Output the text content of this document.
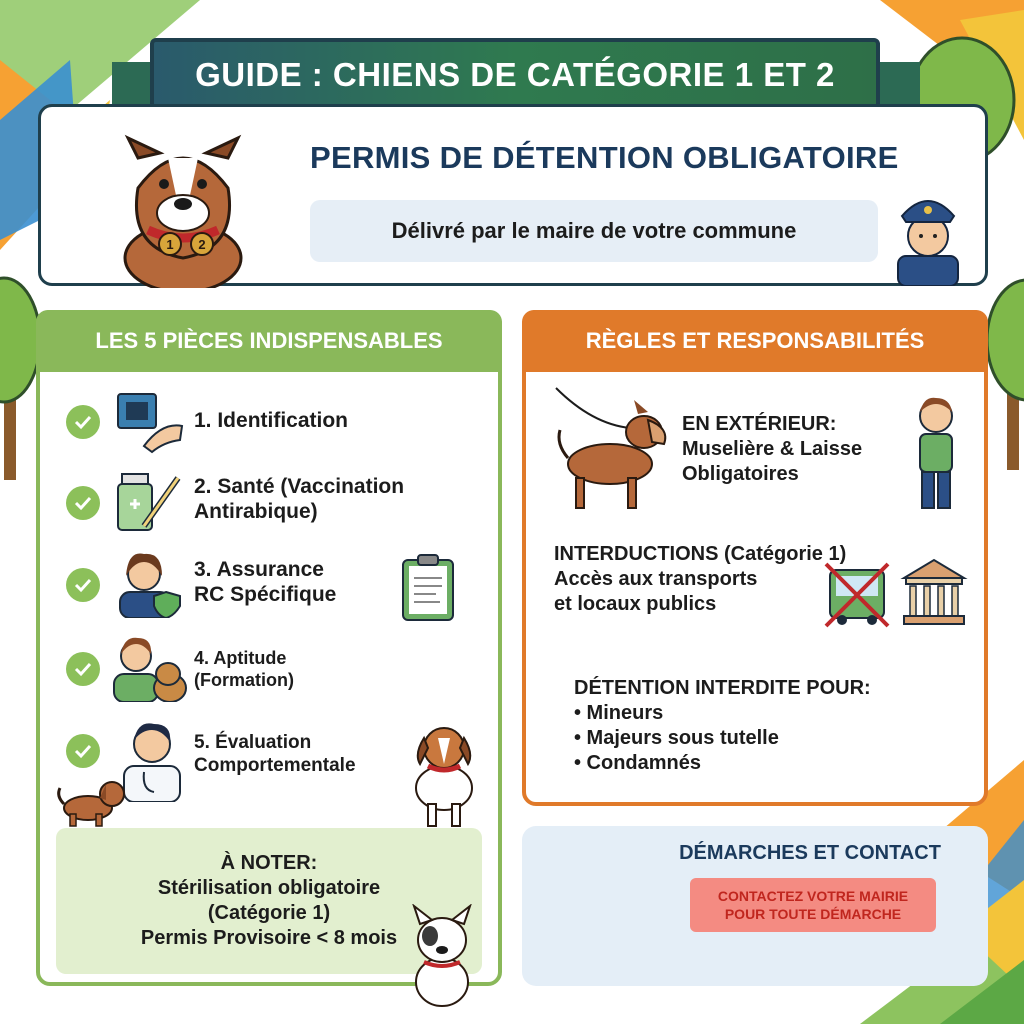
GUIDE : CHIENS DE CATÉGORIE 1 ET 2
1 2
PERMIS DE DÉTENTION OBLIGATOIRE
Délivré par le maire de votre commune
LES 5 PIÈCES INDISPENSABLES
1. Identification
2. Santé (Vaccination
Antirabique)
3. Assurance
RC Spécifique
4. Aptitude
(Formation)
5. Évaluation
Comportementale
À NOTER:
Stérilisation obligatoire
(Catégorie 1)
Permis Provisoire < 8 mois
RÈGLES ET RESPONSABILITÉS
EN EXTÉRIEUR:
Muselière & Laisse
Obligatoires
INTERDUCTIONS (Catégorie 1)
Accès aux transports
et locaux publics
DÉTENTION INTERDITE POUR:
• Mineurs
• Majeurs sous tutelle
• Condamnés
DÉMARCHES ET CONTACT
CONTACTEZ VOTRE MAIRIE
POUR TOUTE DÉMARCHE
